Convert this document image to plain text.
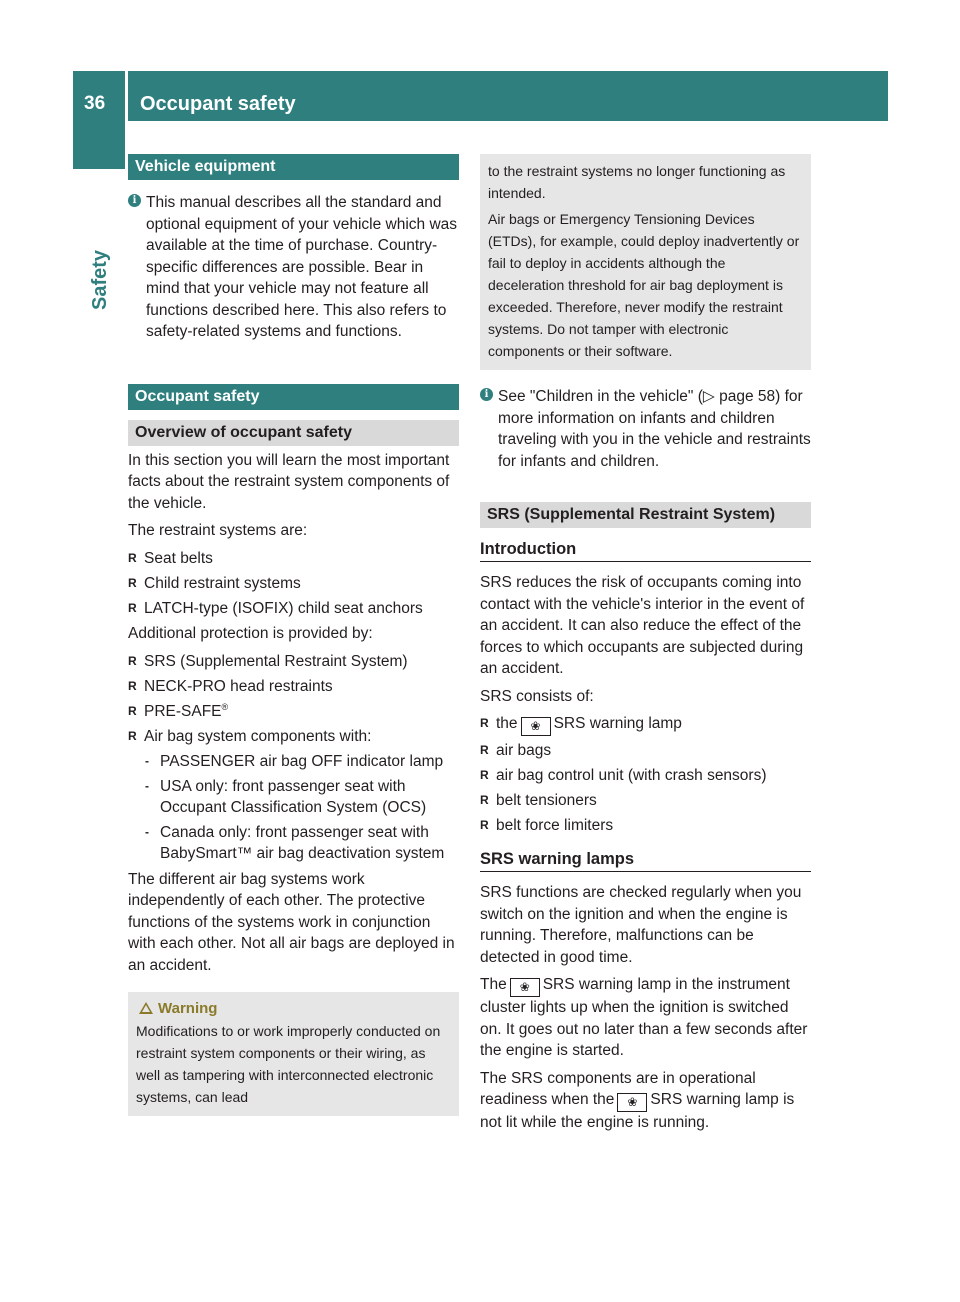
36 Occupant safety
Safety
Vehicle equipment
i This manual describes all the standard and optional equipment of your vehicle which was available at the time of purchase. Country-specific differences are possible. Bear in mind that your vehicle may not feature all functions described here. This also refers to safety-related systems and functions.
Occupant safety
Overview of occupant safety

In this section you will learn the most important facts about the restraint system components of the vehicle.

The restraint systems are:

R Seat belts
R Child restraint systems
R LATCH-type (ISOFIX) child seat anchors

Additional protection is provided by:

R SRS (Supplemental Restraint System)
R NECK-PRO head restraints
R PRE-SAFE®
R Air bag system components with:
- PASSENGER air bag OFF indicator lamp
- USA only: front passenger seat with Occupant Classification System (OCS)
- Canada only: front passenger seat with BabySmart™ air bag deactivation system

The different air bag systems work independently of each other. The protective functions of the systems work in conjunction with each other. Not all air bags are deployed in an accident.

Warning
Modifications to or work improperly conducted on restraint system components or their wiring, as well as tampering with interconnected electronic systems, can lead

to the restraint systems no longer functioning as intended.

Air bags or Emergency Tensioning Devices (ETDs), for example, could deploy inadvertently or fail to deploy in accidents although the deceleration threshold for air bag deployment is exceeded. Therefore, never modify the restraint systems. Do not tamper with electronic components or their software.

i See "Children in the vehicle" (▷ page 58) for more information on infants and children traveling with you in the vehicle and restraints for infants and children.
SRS (Supplemental Restraint System)
Introduction

SRS reduces the risk of occupants coming into contact with the vehicle's interior in the event of an accident. It can also reduce the effect of the forces to which occupants are subjected during an accident.

SRS consists of:

R the ❀ SRS warning lamp
R air bags
R air bag control unit (with crash sensors)
R belt tensioners
R belt force limiters
SRS warning lamps

SRS functions are checked regularly when you switch on the ignition and when the engine is running. Therefore, malfunctions can be detected in good time.

The ❀ SRS warning lamp in the instrument cluster lights up when the ignition is switched on. It goes out no later than a few seconds after the engine is started.

The SRS components are in operational readiness when the ❀ SRS warning lamp is not lit while the engine is running.
